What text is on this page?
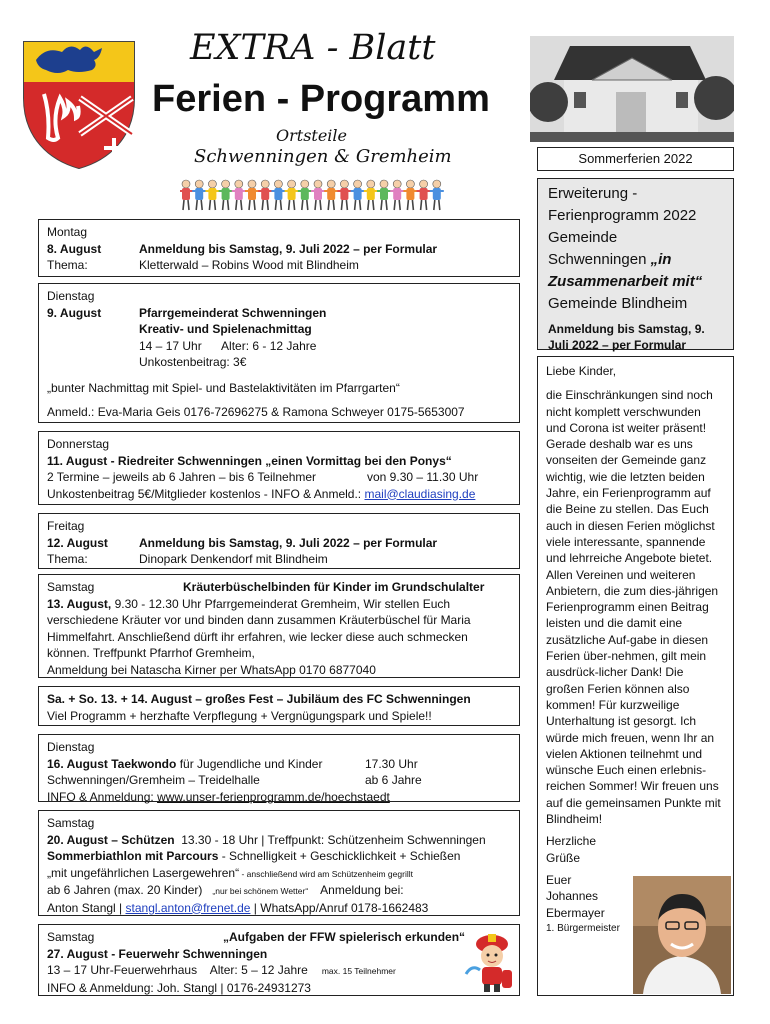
EXTRA - Blatt
Ferien - Programm
Ortsteile
Schwenningen & Gremheim	Sommerferien 2022
Montag
8. August	Anmeldung bis Samstag, 9. Juli 2022 – per Formular
Thema:	Kletterwald – Robins Wood mit Blindheim
Dienstag
9. August	Pfarrgemeinderat Schwenningen
Kreativ- und Spielenachmittag
14 – 17 Uhr      Alter: 6 - 12 Jahre
Unkostenbeitrag: 3€
„bunter Nachmittag mit Spiel- und Bastelaktivitäten im Pfarrgarten“
Anmeld.: Eva-Maria Geis 0176-72696275 & Ramona Schweyer 0175-5653007
Donnerstag
11. August - Riedreiter Schwenningen „einen Vormittag bei den Ponys“
2 Termine – jeweils ab 6 Jahren – bis 6 Teilnehmer	von 9.30 – 11.30 Uhr
Unkostenbeitrag 5€/Mitglieder kostenlos - INFO & Anmeld.: mail@claudiasing.de
Freitag
12. August	Anmeldung bis Samstag, 9. Juli 2022 – per Formular
Thema:	Dinopark Denkendorf mit Blindheim
Samstag	Kräuterbüschelbinden für Kinder im Grundschulalter
13. August, 9.30 - 12.30 Uhr Pfarrgemeinderat Gremheim, Wir stellen Euch verschiedene Kräuter vor und binden dann zusammen Kräuterbüschel für Maria Himmelfahrt. Anschließend dürft ihr erfahren, wie lecker diese auch schmecken können. Treffpunkt Pfarrhof Gremheim,
Anmeldung bei Natascha Kirner per WhatsApp 0170 6877040
Sa. + So. 13. + 14. August – großes Fest – Jubiläum des FC Schwenningen
Viel Programm + herzhafte Verpflegung + Vergnügungspark und Spiele!!
Dienstag
16. August Taekwondo für Jugendliche und Kinder	17.30 Uhr
Schwenningen/Gremheim – Treidelhalle	ab 6 Jahre
INFO & Anmeldung: www.unser-ferienprogramm.de/hoechstaedt
Samstag
20. August – Schützen  13.30 - 18 Uhr | Treffpunkt: Schützenheim Schwenningen
Sommerbiathlon mit Parcours - Schnelligkeit + Geschicklichkeit + Schießen
„mit ungefährlichen Lasergewehren“ - anschließend wird am Schützenheim gegrillt
ab 6 Jahren (max. 20 Kinder) „nur bei schönem Wetter“ Anmeldung bei:
Anton Stangl | stangl.anton@frenet.de | WhatsApp/Anruf 0178-1662483
Samstag	„Aufgaben der FFW spielerisch erkunden“
27. August - Feuerwehr Schwenningen
13 – 17 Uhr-Feuerwehrhaus    Alter: 5 – 12 Jahre max. 15 Teilnehmer
INFO & Anmeldung: Joh. Stangl | 0176-24931273
Erweiterung -
Ferienprogramm 2022
Gemeinde
Schwenningen „in Zusammenarbeit mit“
Gemeinde Blindheim
Anmeldung bis Samstag, 9. Juli 2022 – per Formular
Liebe Kinder,
die Einschränkungen sind noch nicht komplett verschwunden und Corona ist weiter präsent! Gerade deshalb war es uns vonseiten der Gemeinde ganz wichtig, wie die letzten beiden Jahre, ein Ferienprogramm auf die Beine zu stellen. Das Euch auch in diesen Ferien möglichst viele interessante, spannende und lehrreiche Angebote bietet. Allen Vereinen und weiteren Anbietern, die zum dies-jährigen Ferienprogramm einen Beitrag leisten und die damit eine zusätzliche Auf-gabe in diesen Ferien über-nehmen, gilt mein ausdrück-licher Dank! Die großen Ferien können also kommen! Für kurzweilige Unterhaltung ist gesorgt. Ich würde mich freuen, wenn Ihr an vielen Aktionen teilnehmt und wünsche Euch einen erlebnis-reichen Sommer! Wir freuen uns auf die gemeinsamen Punkte mit Blindheim!
Herzliche
Grüße
Euer
Johannes
Ebermayer
1. Bürgermeister
